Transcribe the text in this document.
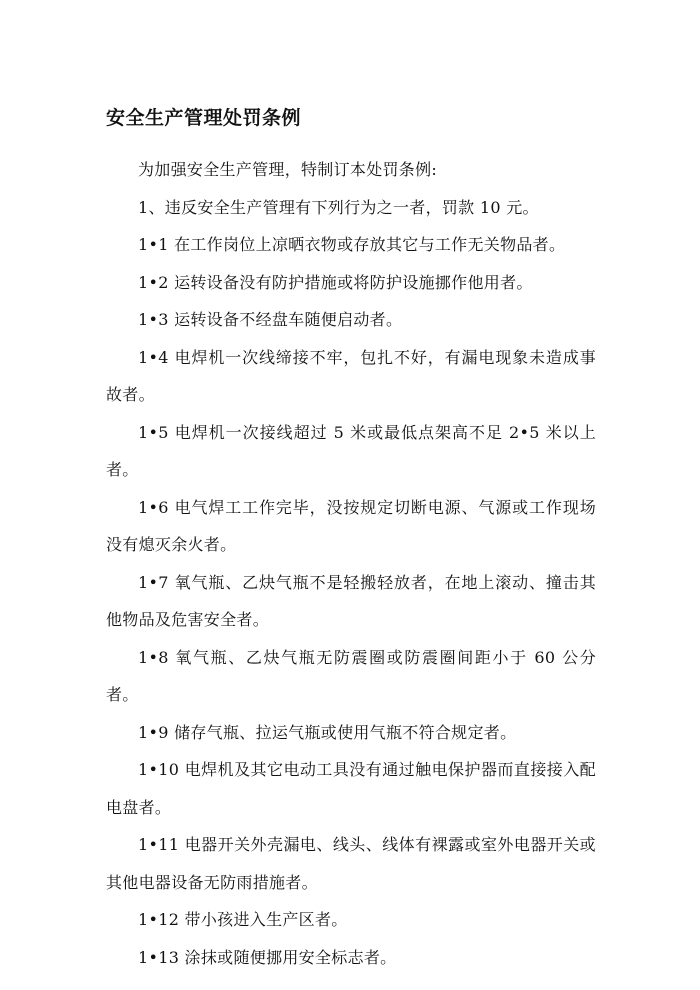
安全生产管理处罚条例

为加强安全生产管理，特制订本处罚条例:

1、违反安全生产管理有下列行为之一者，罚款 10 元。

1•1 在工作岗位上凉晒衣物或存放其它与工作无关物品者。

1•2 运转设备没有防护措施或将防护设施挪作他用者。

1•3 运转设备不经盘车随便启动者。

1•4 电焊机一次线缔接不牢，包扎不好，有漏电现象未造成事故者。

1•5 电焊机一次接线超过 5 米或最低点架高不足 2•5 米以上者。

1•6 电气焊工工作完毕，没按规定切断电源、气源或工作现场没有熄灭余火者。

1•7 氧气瓶、乙炔气瓶不是轻搬轻放者，在地上滚动、撞击其他物品及危害安全者。

1•8 氧气瓶、乙炔气瓶无防震圈或防震圈间距小于 60 公分者。

1•9 储存气瓶、拉运气瓶或使用气瓶不符合规定者。

1•10 电焊机及其它电动工具没有通过触电保护器而直接接入配电盘者。

1•11 电器开关外壳漏电、线头、线体有裸露或室外电器开关或其他电器设备无防雨措施者。

1•12 带小孩进入生产区者。

1•13 涂抹或随便挪用安全标志者。
